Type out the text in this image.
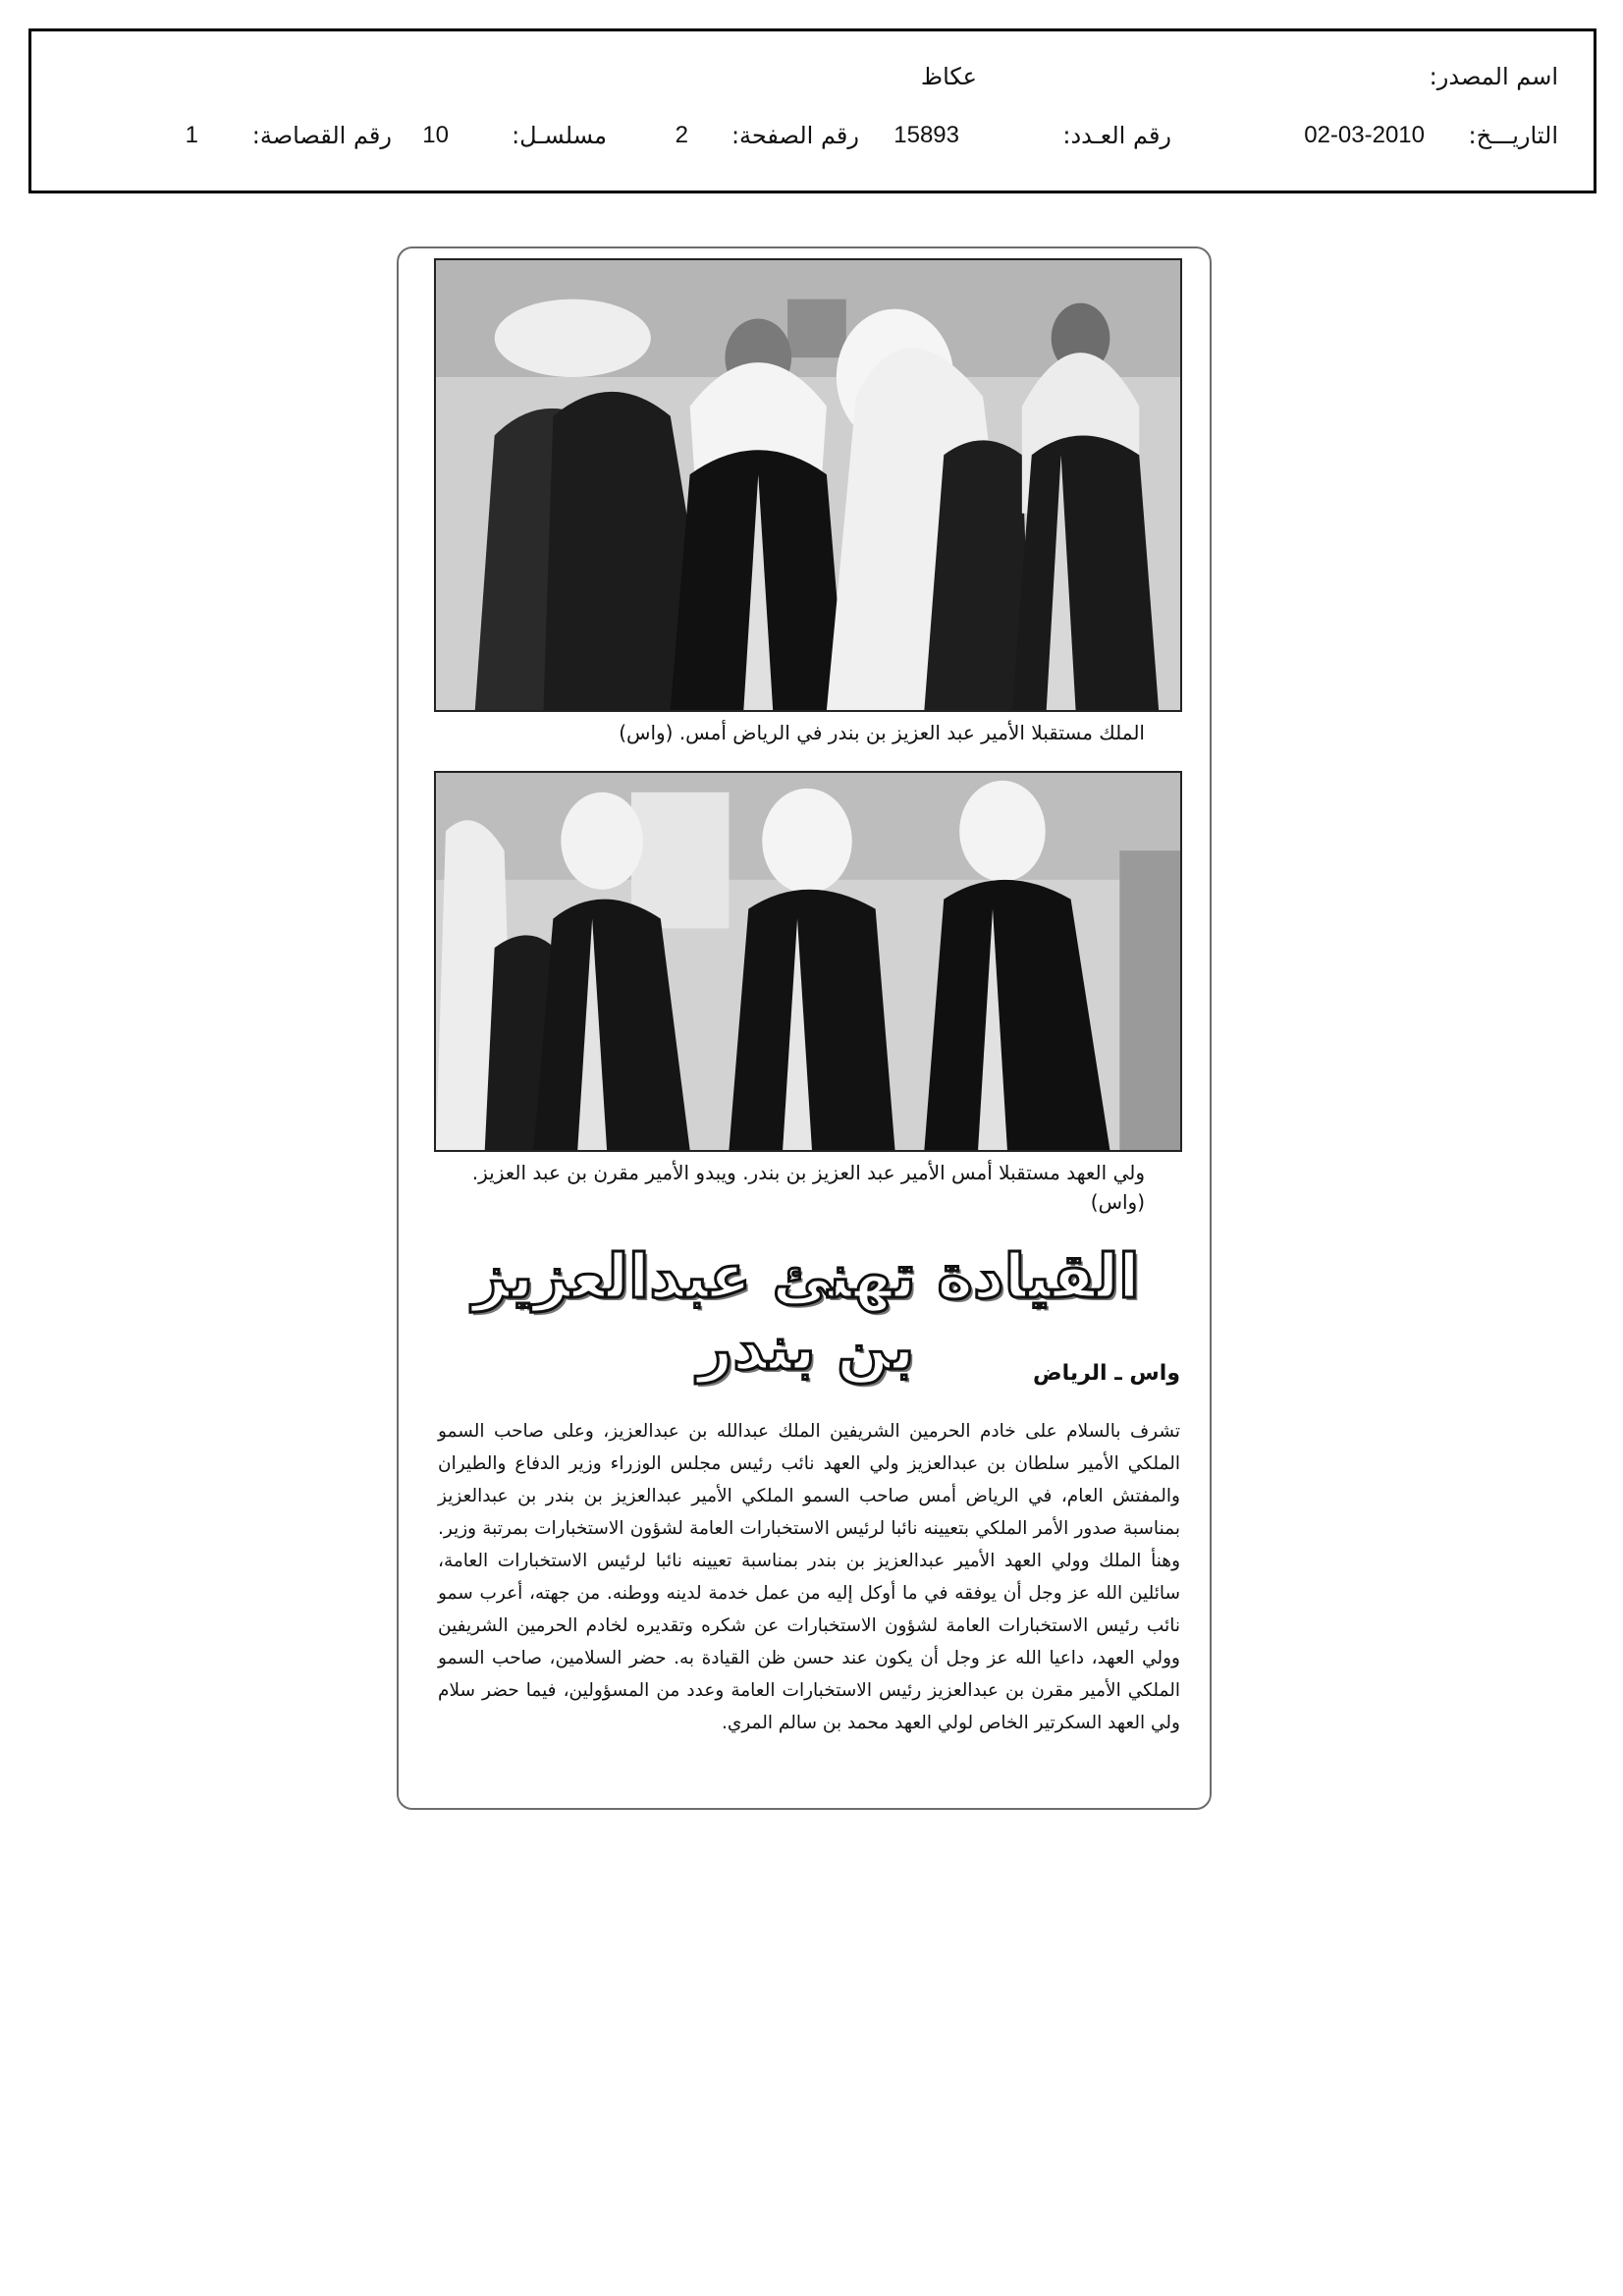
اسم المصدر:
عكاظ
التاريـــخ:
02-03-2010
رقم العـدد:
15893
رقم الصفحة:
2
مسلسـل:
10
رقم القصاصة:
1
الملك مستقبلا الأمير عبد العزيز بن بندر في الرياض أمس. (واس)
ولي العهد مستقبلا أمس الأمير عبد العزيز بن بندر. ويبدو الأمير مقرن بن عبد العزيز. (واس)
القيادة تهنئ عبدالعزيز بن بندر	واس ـ الرياض
تشرف بالسلام على خادم الحرمين الشريفين الملك عبدالله بن عبدالعزيز، وعلى صاحب السمو الملكي الأمير سلطان بن عبدالعزيز ولي العهد نائب رئيس مجلس الوزراء وزير الدفاع والطيران والمفتش العام، في الرياض أمس صاحب السمو الملكي الأمير عبدالعزيز بن بندر بن عبدالعزيز بمناسبة صدور الأمر الملكي بتعيينه نائبا لرئيس الاستخبارات العامة لشؤون الاستخبارات بمرتبة وزير. وهنأ الملك وولي العهد الأمير عبدالعزيز بن بندر بمناسبة تعيينه نائبا لرئيس الاستخبارات العامة، سائلين الله عز وجل أن يوفقه في ما أوكل إليه من عمل خدمة لدينه ووطنه. من جهته، أعرب سمو نائب رئيس الاستخبارات العامة لشؤون الاستخبارات عن شكره وتقديره لخادم الحرمين الشريفين وولي العهد، داعيا الله عز وجل أن يكون عند حسن ظن القيادة به. حضر السلامين، صاحب السمو الملكي الأمير مقرن بن عبدالعزيز رئيس الاستخبارات العامة وعدد من المسؤولين، فيما حضر سلام ولي العهد السكرتير الخاص لولي العهد محمد بن سالم المري.
